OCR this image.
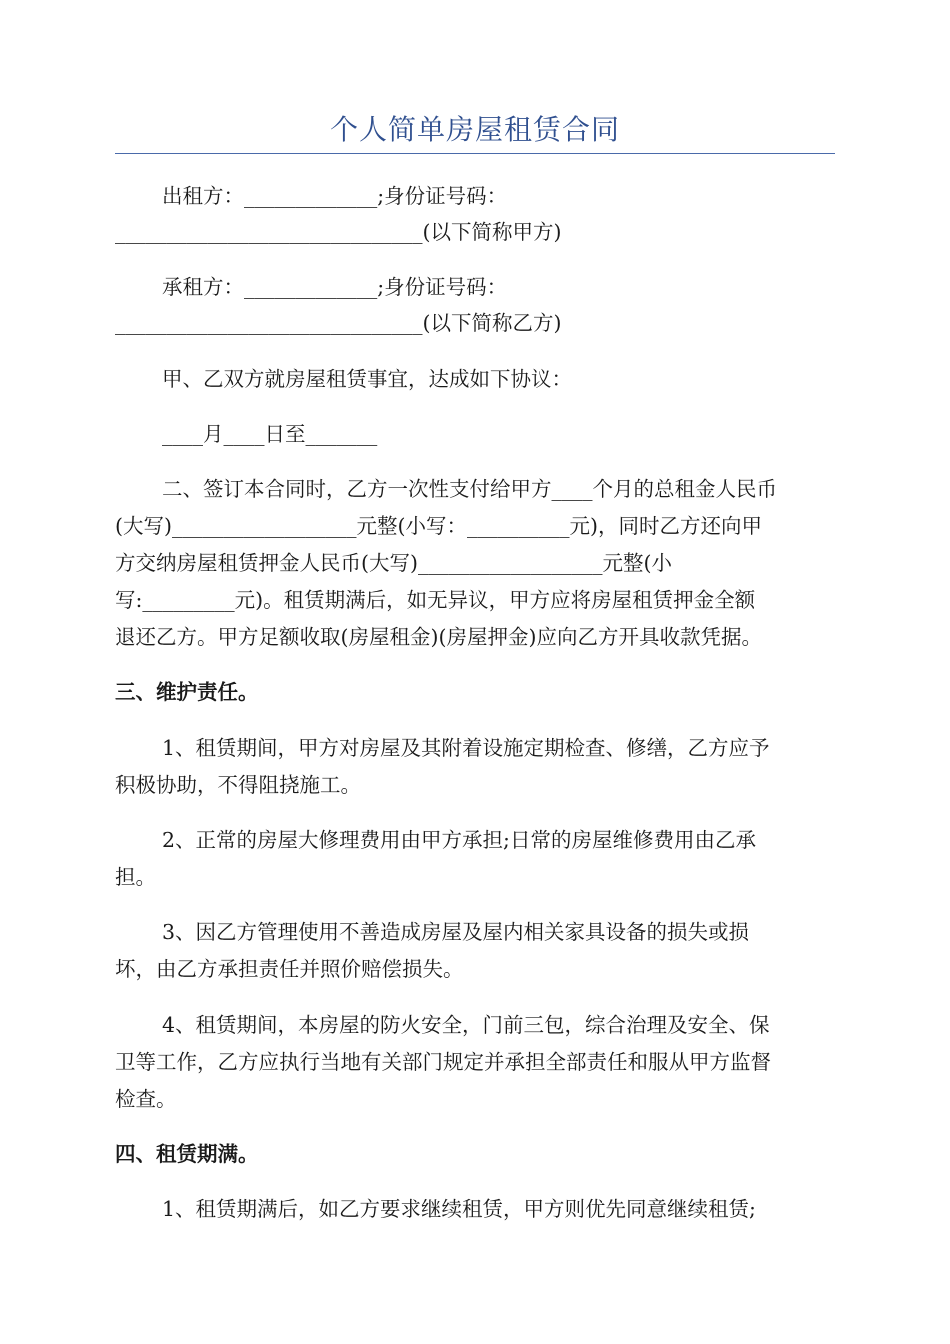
个人简单房屋租赁合同

出租方：_____________;身份证号码：

______________________________(以下简称甲方)

承租方：_____________;身份证号码：

______________________________(以下简称乙方)

甲、乙双方就房屋租赁事宜，达成如下协议：

____月____日至_______

二、签订本合同时，乙方一次性支付给甲方____个月的总租金人民币

(大写)__________________元整(小写：__________元)，同时乙方还向甲

方交纳房屋租赁押金人民币(大写)__________________元整(小

写:_________元)。租赁期满后，如无异议，甲方应将房屋租赁押金全额

退还乙方。甲方足额收取(房屋租金)(房屋押金)应向乙方开具收款凭据。

三、维护责任。

1、租赁期间，甲方对房屋及其附着设施定期检查、修缮，乙方应予

积极协助，不得阻挠施工。

2、正常的房屋大修理费用由甲方承担;日常的房屋维修费用由乙承

担。

3、因乙方管理使用不善造成房屋及屋内相关家具设备的损失或损

坏，由乙方承担责任并照价赔偿损失。

4、租赁期间，本房屋的防火安全，门前三包，综合治理及安全、保

卫等工作，乙方应执行当地有关部门规定并承担全部责任和服从甲方监督

检查。

四、租赁期满。

1、租赁期满后，如乙方要求继续租赁，甲方则优先同意继续租赁;
